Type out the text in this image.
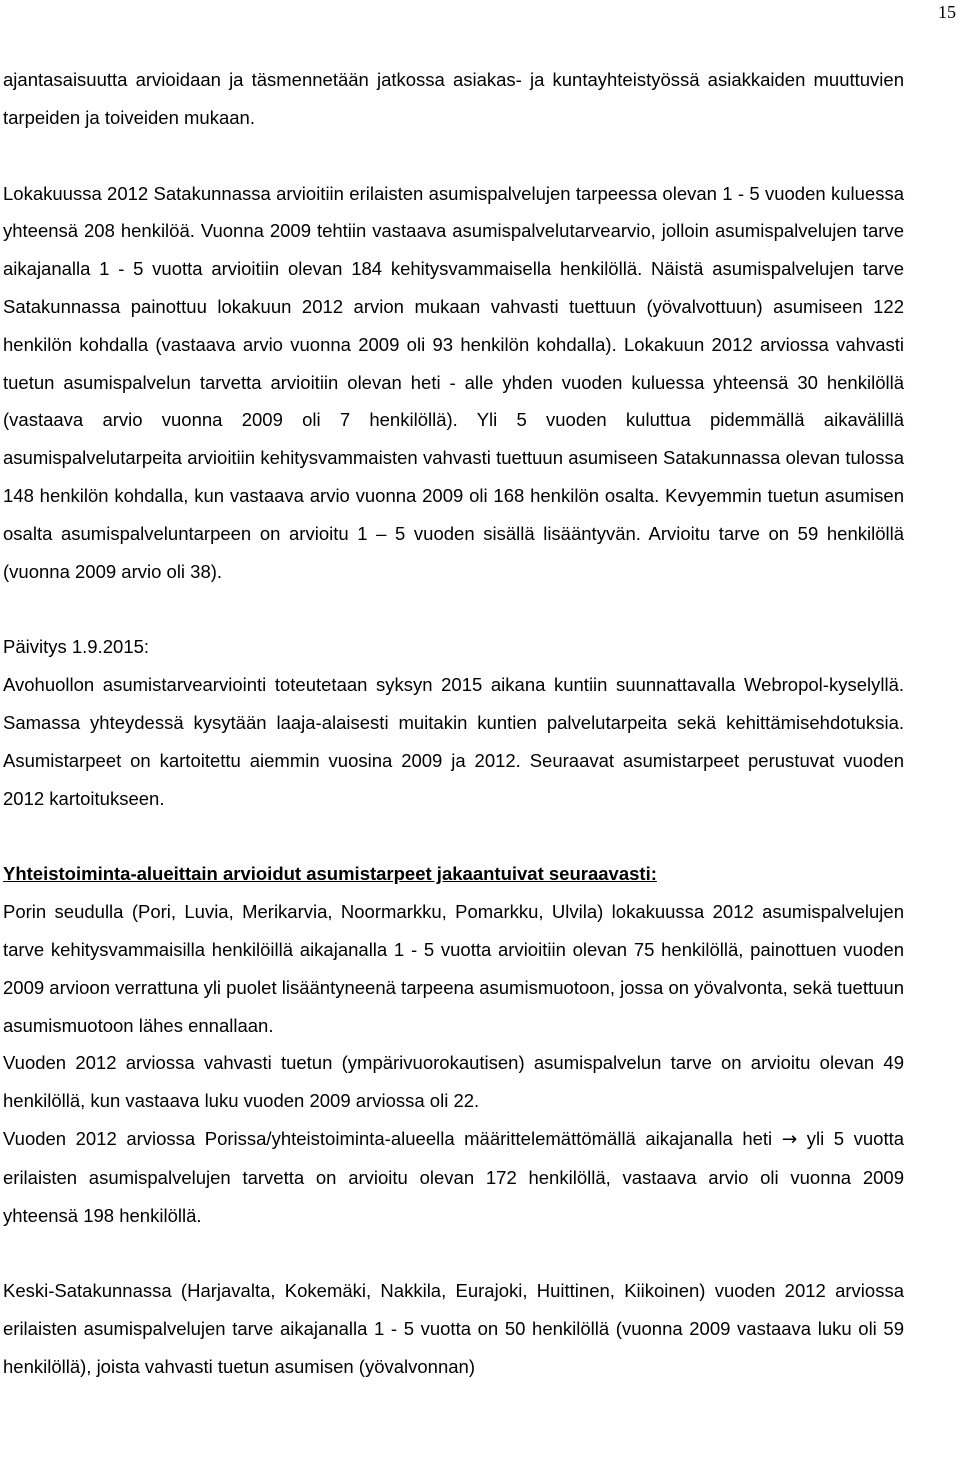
15

ajantasaisuutta arvioidaan ja täsmennetään jatkossa asiakas- ja kuntayhteistyössä asiakkaiden muuttuvien tarpeiden ja toiveiden mukaan.

Lokakuussa 2012 Satakunnassa arvioitiin erilaisten asumispalvelujen tarpeessa olevan 1 - 5 vuoden kuluessa yhteensä 208 henkilöä. Vuonna 2009 tehtiin vastaava asumispalvelutarvearvio, jolloin asumispalvelujen tarve aikajanalla 1 - 5 vuotta arvioitiin olevan 184 kehitysvammaisella henkilöllä. Näistä asumispalvelujen tarve Satakunnassa painottuu lokakuun 2012 arvion mukaan vahvasti tuettuun (yövalvottuun) asumiseen 122 henkilön kohdalla (vastaava arvio vuonna 2009 oli 93 henkilön kohdalla). Lokakuun 2012 arviossa vahvasti tuetun asumispalvelun tarvetta arvioitiin olevan heti - alle yhden vuoden kuluessa yhteensä 30 henkilöllä (vastaava arvio vuonna 2009 oli 7 henkilöllä). Yli 5 vuoden kuluttua pidemmällä aikavälillä asumispalvelutarpeita arvioitiin kehitysvammaisten vahvasti tuettuun asumiseen Satakunnassa olevan tulossa 148 henkilön kohdalla, kun vastaava arvio vuonna 2009 oli 168 henkilön osalta. Kevyemmin tuetun asumisen osalta asumispalveluntarpeen on arvioitu 1 – 5 vuoden sisällä lisääntyvän. Arvioitu tarve on 59 henkilöllä (vuonna 2009 arvio oli 38).

Päivitys 1.9.2015:

Avohuollon asumistarvearviointi toteutetaan syksyn 2015 aikana kuntiin suunnattavalla Webropol-kyselyllä. Samassa yhteydessä kysytään laaja-alaisesti muitakin kuntien palvelutarpeita sekä kehittämisehdotuksia. Asumistarpeet on kartoitettu aiemmin vuosina 2009 ja 2012. Seuraavat asumistarpeet perustuvat vuoden 2012 kartoitukseen.

Yhteistoiminta-alueittain arvioidut asumistarpeet jakaantuivat seuraavasti:

Porin seudulla (Pori, Luvia, Merikarvia, Noormarkku, Pomarkku, Ulvila) lokakuussa 2012 asumispalvelujen tarve kehitysvammaisilla henkilöillä aikajanalla 1 - 5 vuotta arvioitiin olevan 75 henkilöllä, painottuen vuoden 2009 arvioon verrattuna yli puolet lisääntyneenä tarpeena asumismuotoon, jossa on yövalvonta, sekä tuettuun asumismuotoon lähes ennallaan.

Vuoden 2012 arviossa vahvasti tuetun (ympärivuorokautisen) asumispalvelun tarve on arvioitu olevan 49 henkilöllä, kun vastaava luku vuoden 2009 arviossa oli 22.

Vuoden 2012 arviossa Porissa/yhteistoiminta-alueella määrittelemättömällä aikajanalla heti → yli 5 vuotta erilaisten asumispalvelujen tarvetta on arvioitu olevan 172 henkilöllä, vastaava arvio oli vuonna 2009 yhteensä 198 henkilöllä.

Keski-Satakunnassa (Harjavalta, Kokemäki, Nakkila, Eurajoki, Huittinen, Kiikoinen) vuoden 2012 arviossa erilaisten asumispalvelujen tarve aikajanalla 1 - 5 vuotta on 50 henkilöllä (vuonna 2009 vastaava luku oli 59 henkilöllä), joista vahvasti tuetun asumisen (yövalvonnan)
